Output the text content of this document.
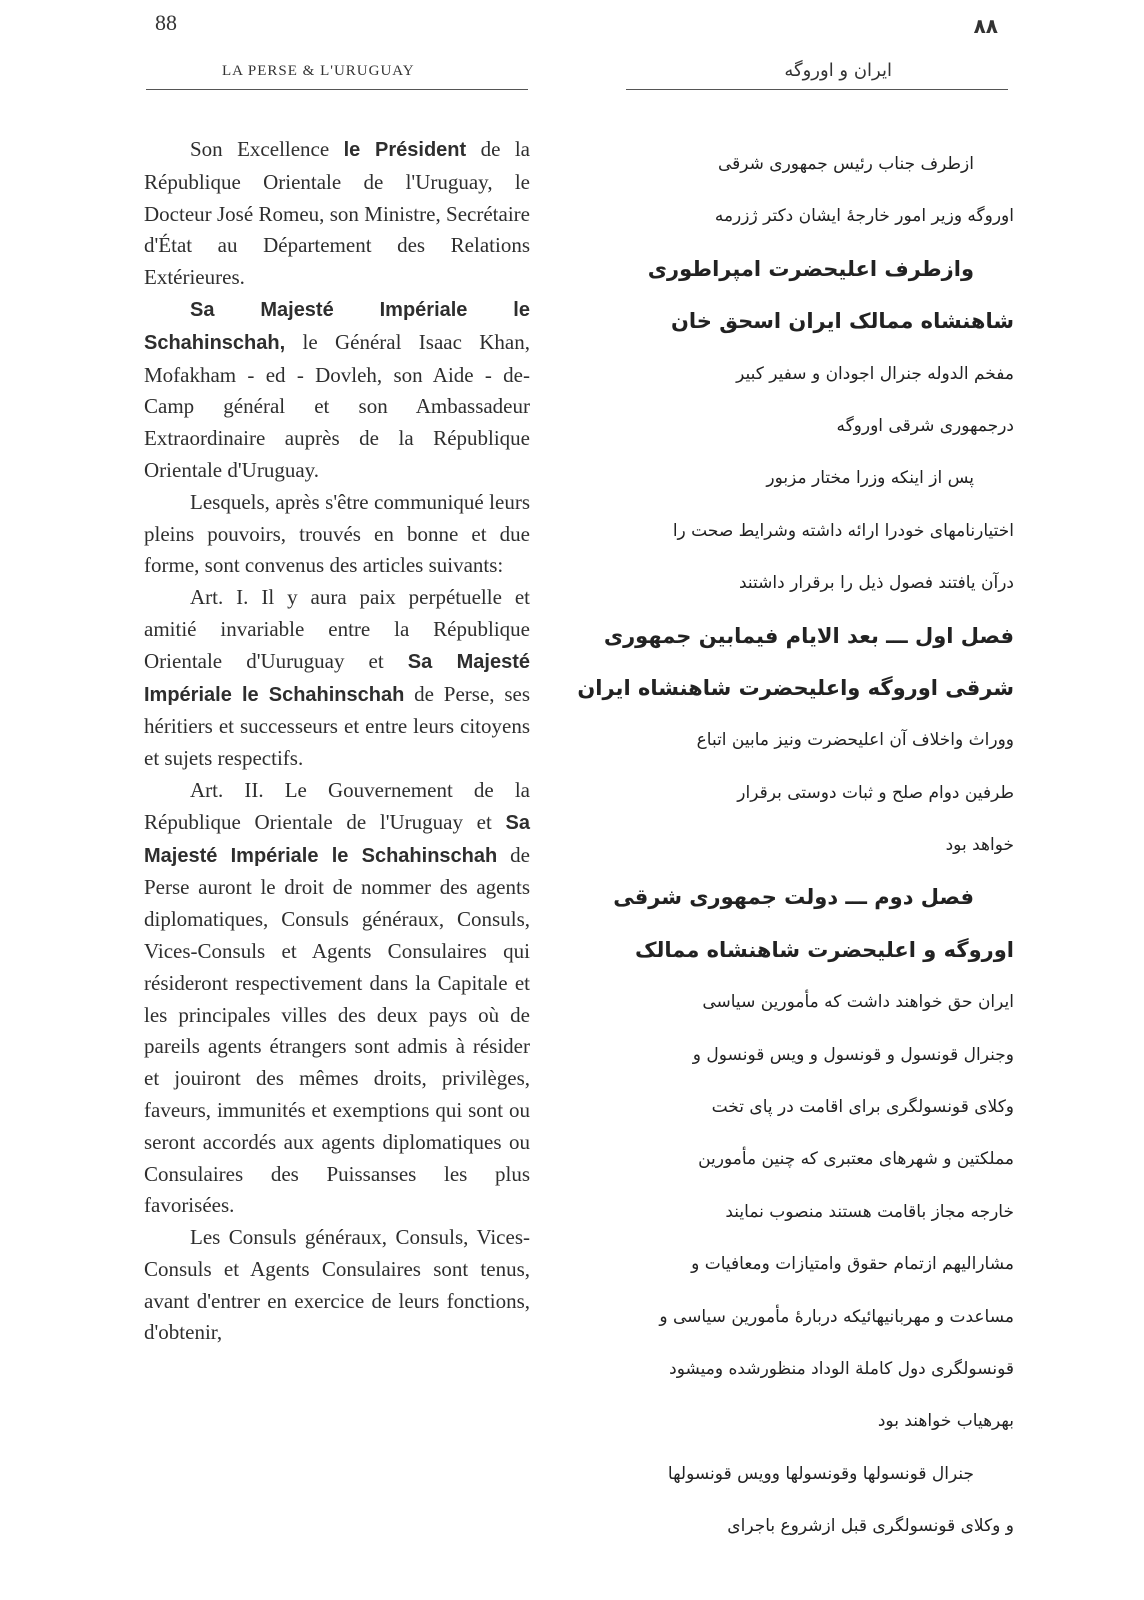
88	۸۸
LA PERSE & L'URUGUAY	ایران و اوروگه

Son Excellence le Président de la République Orientale de l'Uruguay, le Docteur José Romeu, son Ministre, Secrétaire d'État au Département des Relations Extérieures.

Sa Majesté Impériale le Schahinschah, le Général Isaac Khan, Mofakham - ed - Dovleh, son Aide - de-Camp général et son Ambassadeur Extraordinaire auprès de la République Orientale d'Uruguay.

Lesquels, après s'être communiqué leurs pleins pouvoirs, trouvés en bonne et due forme, sont convenus des articles suivants:

Art. I. Il y aura paix perpétuelle et amitié invariable entre la République Orientale d'Uuruguay et Sa Majesté Impériale le Schahinschah de Perse, ses héritiers et successeurs et entre leurs citoyens et sujets respectifs.

Art. II. Le Gouvernement de la République Orientale de l'Uruguay et Sa Majesté Impériale le Schahinschah de Perse auront le droit de nommer des agents diplomatiques, Consuls généraux, Consuls, Vices-Consuls et Agents Consulaires qui résideront respectivement dans la Capitale et les principales villes des deux pays où de pareils agents étrangers sont admis à résider et jouiront des mêmes droits, privilèges, faveurs, immunités et exemptions qui sont ou seront accordés aux agents diplomatiques ou Consulaires des Puissanses les plus favorisées.

Les Consuls généraux, Consuls, Vices-Consuls et Agents Consulaires sont tenus, avant d'entrer en exercice de leurs fonctions, d'obtenir,

ازطرف جناب رئیس جمهوری شرقی
اوروگه وزیر امور خارجهٔ ایشان دکتر ژزرمه
وازطرف اعلیحضرت امپراطوری
شاهنشاه ممالک ایران اسحق خان
مفخم الدوله جنرال اجودان و سفیر کبیر
درجمهوری شرقی اوروگه
پس از اینکه وزرا مختار مزبور
اختیارنامهای خودرا ارائه داشته وشرایط صحت را
درآن یافتند فصول ذیل را برقرار داشتند
فصل اول ـــ بعد الایام فیمابین جمهوری
شرقی اوروگه واعلیحضرت شاهنشاه ایران
ووراث واخلاف آن اعلیحضرت ونیز مابین اتباع
طرفین دوام صلح و ثبات دوستی برقرار
خواهد بود
فصل دوم ـــ دولت جمهوری شرقی
اوروگه و اعلیحضرت شاهنشاه ممالک
ایران حق خواهند داشت که مأمورین سیاسی
وجنرال قونسول و قونسول و ویس قونسول و
وکلای قونسولگری برای اقامت در پای تخت
مملکتین و شهرهای معتبری که چنین مأمورین
خارجه مجاز باقامت هستند منصوب نمایند
مشارالیهم ازتمام حقوق وامتیازات ومعافیات و
مساعدت و مهربانیهائیکه دربارهٔ مأمورین سیاسی و
قونسولگری دول کاملة الوداد منظورشده ومیشود
بهرهیاب خواهند بود
جنرال قونسولها وقونسولها وویس قونسولها
و وکلای قونسولگری قبل ازشروع باجرای
